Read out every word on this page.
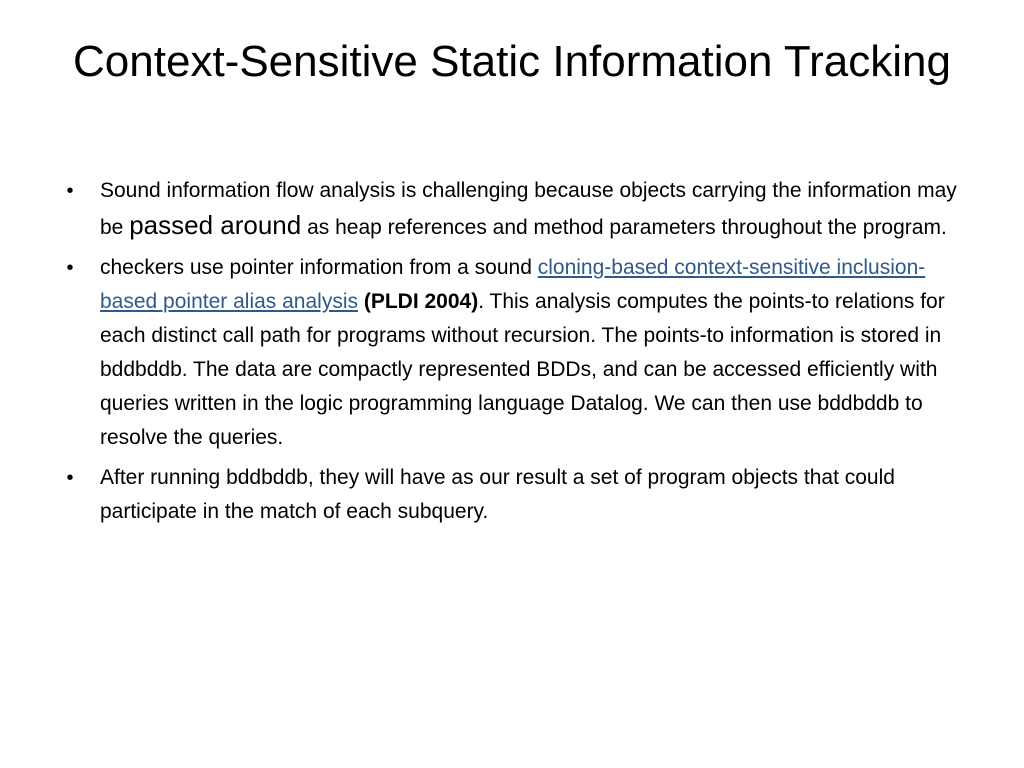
Context-Sensitive Static Information Tracking
•	Sound information flow analysis is challenging because objects carrying the information may be passed around as heap references and method parameters throughout the program.
•	checkers use pointer information from a sound cloning-based context-sensitive inclusion-based pointer alias analysis (PLDI 2004). This analysis computes the points-to relations for each distinct call path for programs without recursion. The points-to information is stored in bddbddb. The data are compactly represented BDDs, and can be accessed efficiently with queries written in the logic programming language Datalog. We can then use bddbddb to resolve the queries.
•	After running bddbddb, they will have as our result a set of program objects that could participate in the match of each subquery.
